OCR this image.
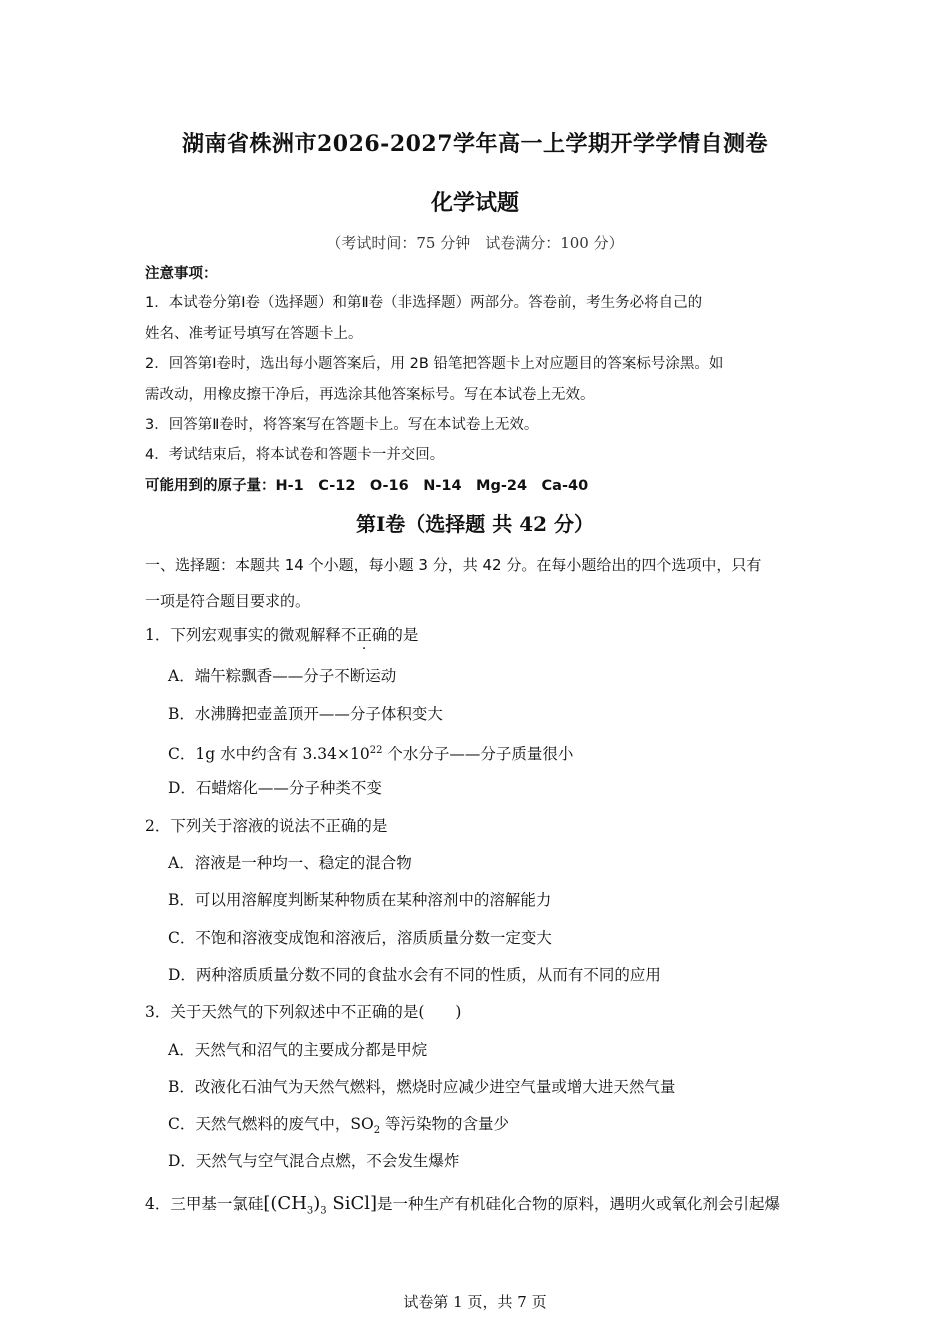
湖南省株洲市2026-2027学年高一上学期开学学情自测卷
化学试题
（考试时间：75 分钟　试卷满分：100 分）
注意事项：
1．本试卷分第Ⅰ卷（选择题）和第Ⅱ卷（非选择题）两部分。答卷前，考生务必将自己的
姓名、准考证号填写在答题卡上。
2．回答第Ⅰ卷时，选出每小题答案后，用 2B 铅笔把答题卡上对应题目的答案标号涂黑。如
需改动，用橡皮擦干净后，再选涂其他答案标号。写在本试卷上无效。
3．回答第Ⅱ卷时，将答案写在答题卡上。写在本试卷上无效。
4．考试结束后，将本试卷和答题卡一并交回。
可能用到的原子量：H-1　C-12　O-16　N-14　Mg-24　Ca-40
第Ⅰ卷（选择题 共 42 分）
一、选择题：本题共 14 个小题，每小题 3 分，共 42 分。在每小题给出的四个选项中，只有
一项是符合题目要求的。
1．下列宏观事实的微观解释不正确的是
A．端午粽飘香——分子不断运动
B．水沸腾把壶盖顶开——分子体积变大
C．1g 水中约含有 $3.34\times 10^{22}$ 个水分子——分子质量很小
D．石蜡熔化——分子种类不变
2．下列关于溶液的说法不正确的是
A．溶液是一种均一、稳定的混合物
B．可以用溶解度判断某种物质在某种溶剂中的溶解能力
C．不饱和溶液变成饱和溶液后，溶质质量分数一定变大
D．两种溶质质量分数不同的食盐水会有不同的性质，从而有不同的应用
3．关于天然气的下列叙述中不正确的是(　　)
A．天然气和沼气的主要成分都是甲烷
B．改液化石油气为天然气燃料，燃烧时应减少进空气量或增大进天然气量
C．天然气燃料的废气中，$SO_2$ 等污染物的含量少
D．天然气与空气混合点燃，不会发生爆炸
4．三甲基一氯硅[$(CH_3)_3$ SiCl]是一种生产有机硅化合物的原料，遇明火或氧化剂会引起爆
试卷第 1 页，共 7 页
